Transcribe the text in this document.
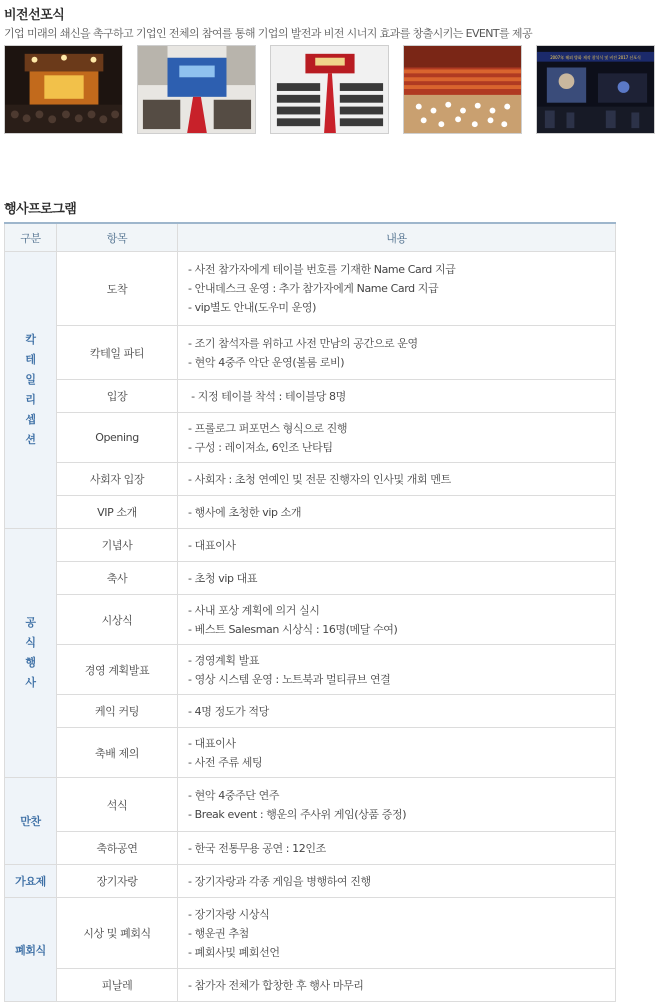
비전선포식
기업 미래의 쇄신을 촉구하고 기업인 전체의 참여를 통해 기업의 발전과 비전 시너지 효과를 창출시키는 EVENT를 제공
2007年 해외 방화 제작 참석식 및 비전 2017 선포식
행사프로그램
구분	항목	내용
칵테일리셉션	도착	- 사전 참가자에게 테이블 번호를 기재한 Name Card 지급
- 안내데스크 운영 : 추가 참가자에게 Name Card 지급
- vip별도 안내(도우미 운영)

	칵테일 파티	- 조기 참석자를 위하고 사전 만남의 공간으로 운영
- 현악 4중주 악단 운영(볼룸 로비)

	입장	- 지정 테이블 착석 : 테이블당 8명

	Opening	- 프롤로그 퍼포먼스 형식으로 진행
- 구성 : 레이져쇼, 6인조 난타팀

	사회자 입장	- 사회자 : 초청 연예인 및 전문 진행자의 인사및 개회 멘트

	VIP 소개	- 행사에 초청한 vip 소개

공식행사	기념사	- 대표이사

	축사	- 초청 vip 대표

	시상식	- 사내 포상 계획에 의거 실시
- 베스트 Salesman 시상식 : 16명(메달 수여)

	경영 계획발표	- 경영계획 발표
- 영상 시스템 운영 : 노트북과 멀티큐브 연결

	케익 커팅	- 4명 정도가 적당

	축배 제의	- 대표이사
- 사전 주류 세팅

만찬	석식	- 현악 4중주단 연주
- Break event : 행운의 주사위 게임(상품 증정)

	축하공연	- 한국 전통무용 공연 : 12인조

가요제	장기자랑	- 장기자랑과 각종 게임을 병행하여 진행

폐회식	시상 및 폐회식	- 장기자랑 시상식
- 행운권 추첨
- 폐회사및 폐회선언

	피날레	- 참가자 전체가 합창한 후 행사 마무리
